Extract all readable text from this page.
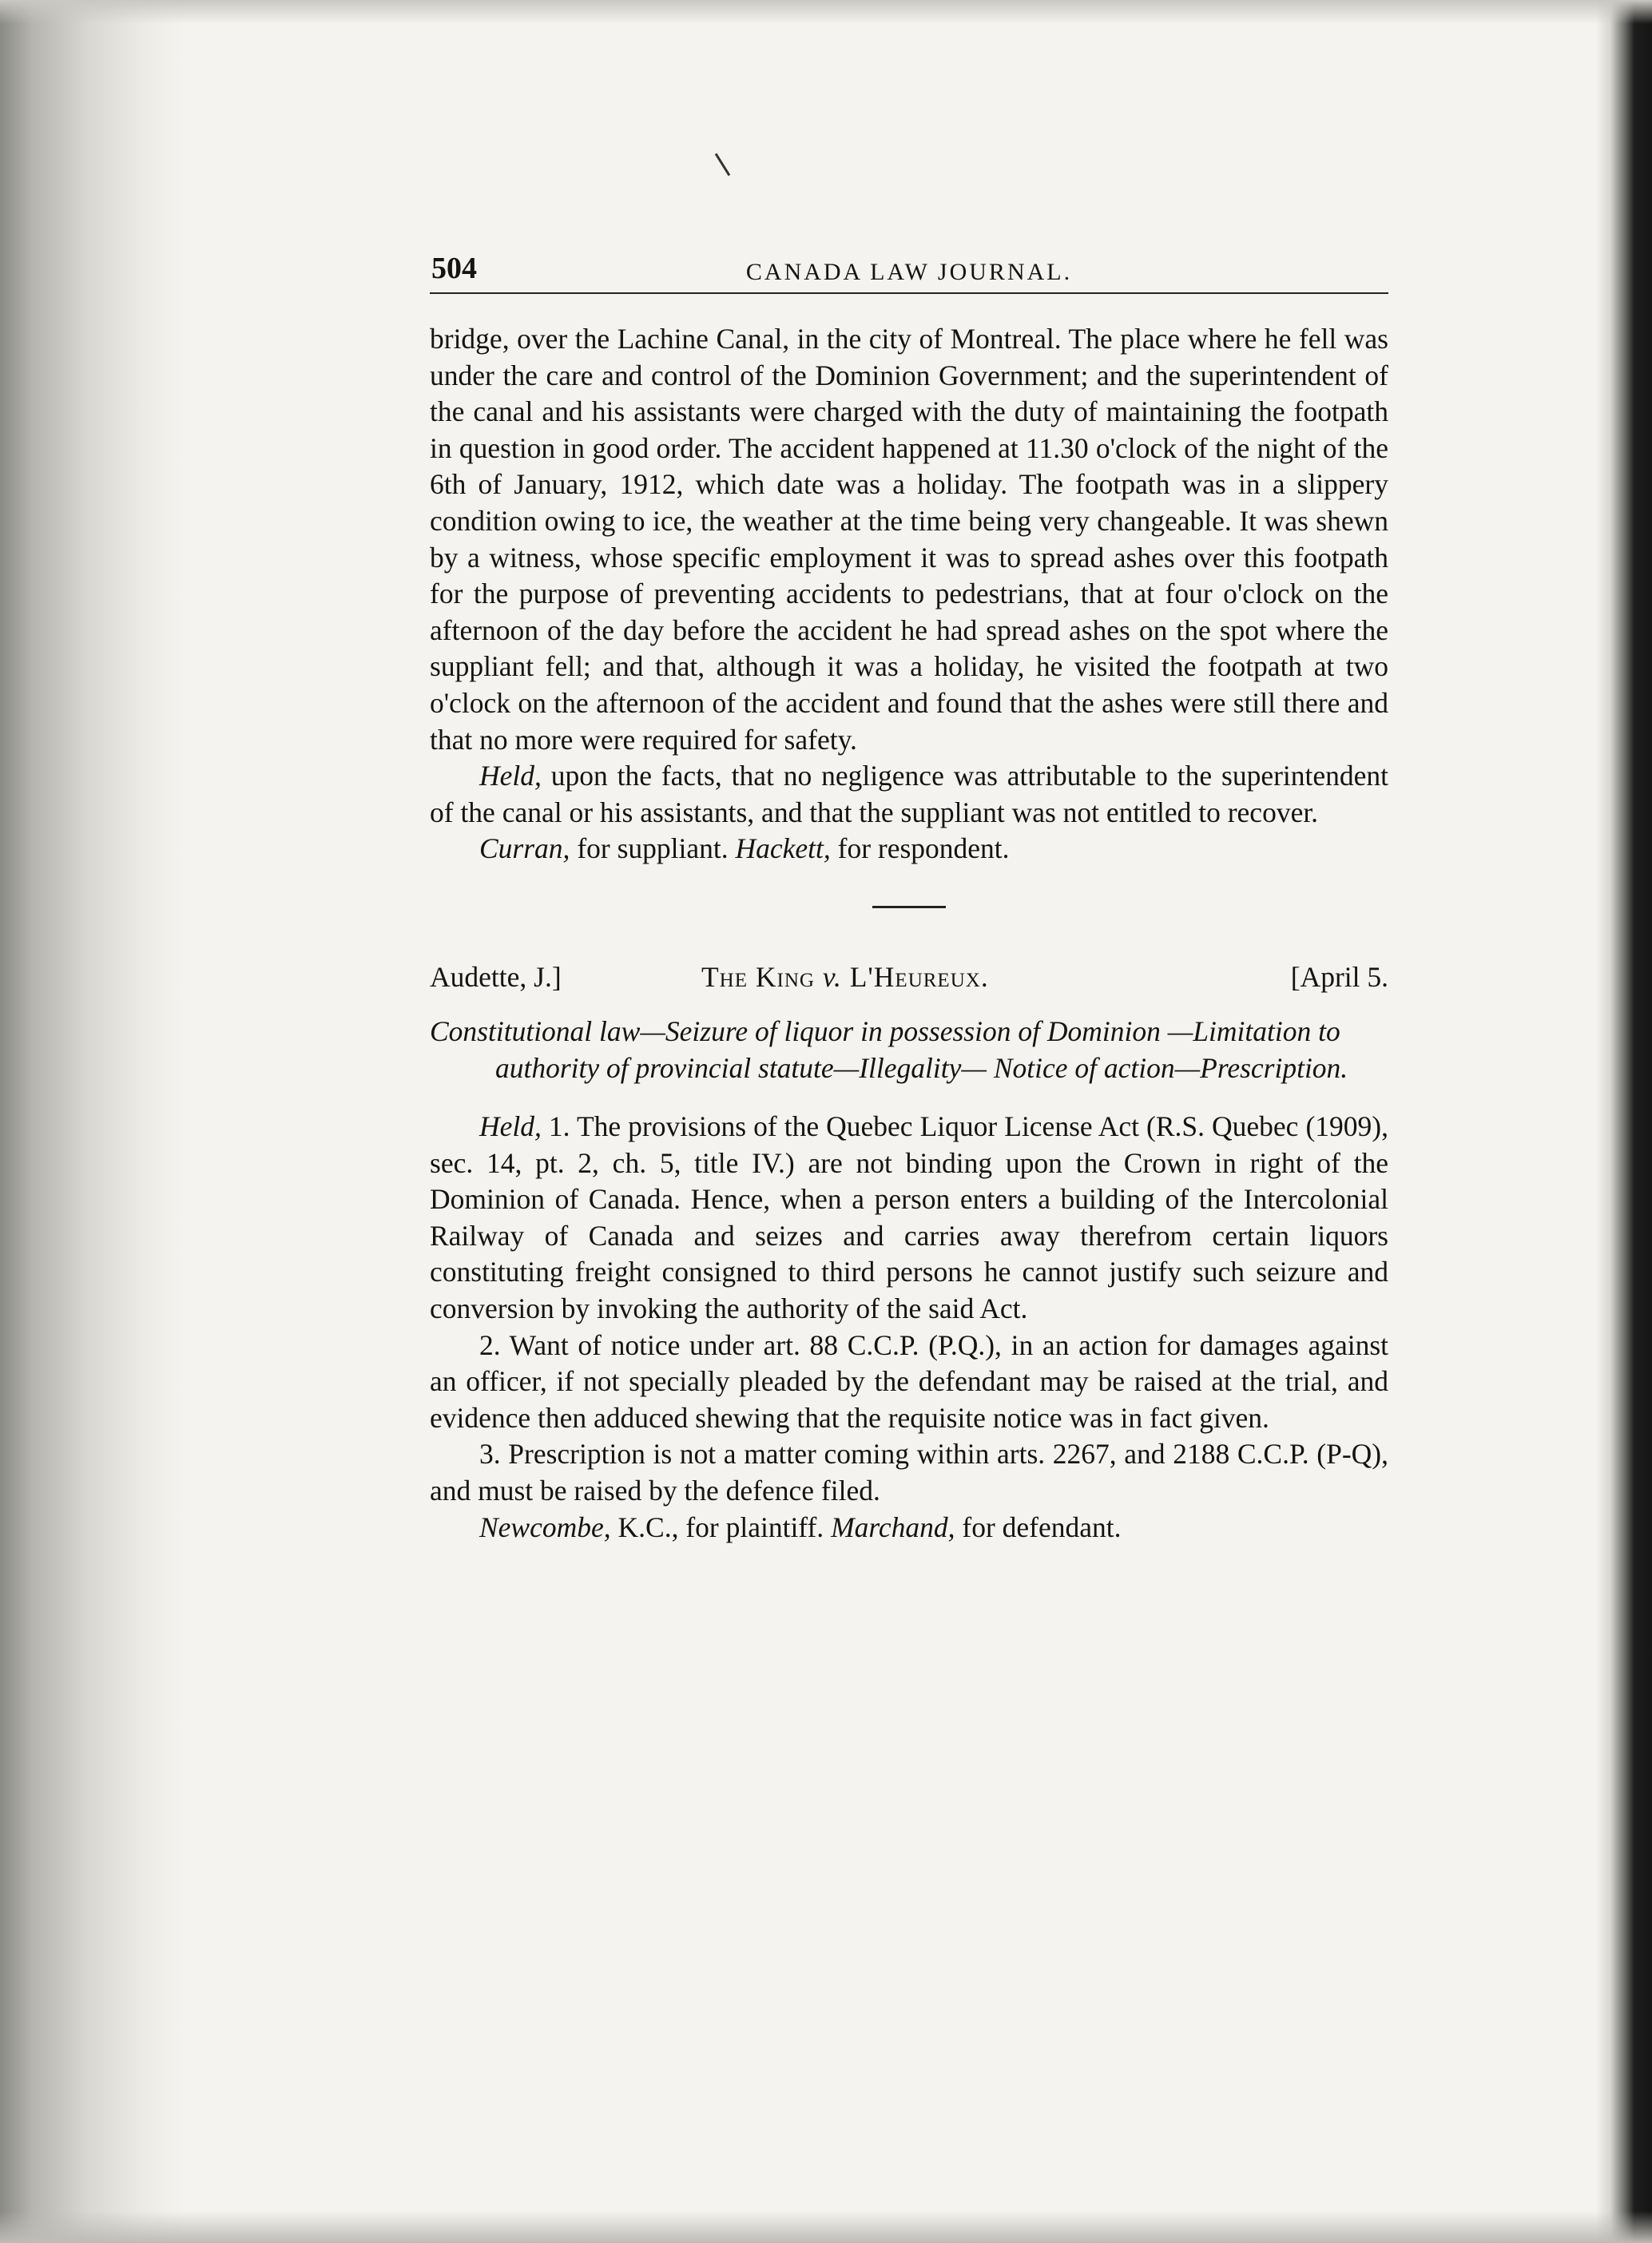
504	CANADA LAW JOURNAL.

bridge, over the Lachine Canal, in the city of Montreal. The place where he fell was under the care and control of the Dominion Government; and the superintendent of the canal and his assistants were charged with the duty of maintaining the footpath in question in good order. The accident happened at 11.30 o'clock of the night of the 6th of January, 1912, which date was a holiday. The footpath was in a slippery condition owing to ice, the weather at the time being very changeable. It was shewn by a witness, whose specific employment it was to spread ashes over this footpath for the purpose of preventing accidents to pedestrians, that at four o'clock on the afternoon of the day before the accident he had spread ashes on the spot where the suppliant fell; and that, although it was a holiday, he visited the footpath at two o'clock on the afternoon of the accident and found that the ashes were still there and that no more were required for safety.

Held, upon the facts, that no negligence was attributable to the superintendent of the canal or his assistants, and that the suppliant was not entitled to recover.

Curran, for suppliant. Hackett, for respondent.

Audette, J.]	The King v. L'Heureux.	[April 5.

Constitutional law—Seizure of liquor in possession of Dominion —Limitation to authority of provincial statute—Illegality— Notice of action—Prescription.

Held, 1. The provisions of the Quebec Liquor License Act (R.S. Quebec (1909), sec. 14, pt. 2, ch. 5, title IV.) are not binding upon the Crown in right of the Dominion of Canada. Hence, when a person enters a building of the Intercolonial Railway of Canada and seizes and carries away therefrom certain liquors constituting freight consigned to third persons he cannot justify such seizure and conversion by invoking the authority of the said Act.

2. Want of notice under art. 88 C.C.P. (P.Q.), in an action for damages against an officer, if not specially pleaded by the defendant may be raised at the trial, and evidence then adduced shewing that the requisite notice was in fact given.

3. Prescription is not a matter coming within arts. 2267, and 2188 C.C.P. (P-Q), and must be raised by the defence filed.

Newcombe, K.C., for plaintiff. Marchand, for defendant.
